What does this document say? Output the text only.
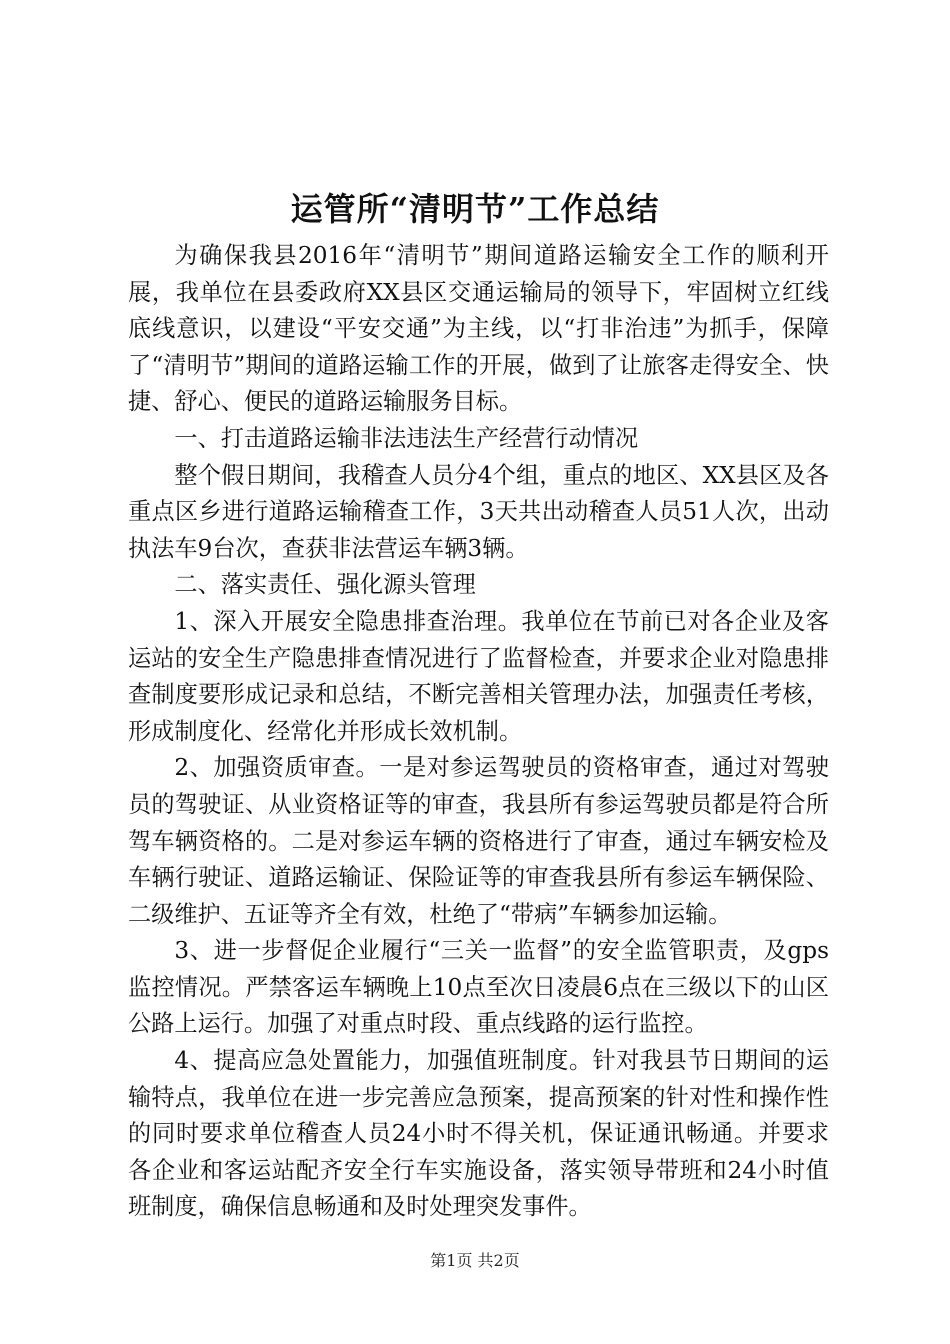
运管所“清明节”工作总结

为确保我县2016年“清明节”期间道路运输安全工作的顺利开展，我单位在县委政府XX县区交通运输局的领导下，牢固树立红线底线意识，以建设“平安交通”为主线，以“打非治违”为抓手，保障了“清明节”期间的道路运输工作的开展，做到了让旅客走得安全、快捷、舒心、便民的道路运输服务目标。

一、打击道路运输非法违法生产经营行动情况

整个假日期间，我稽查人员分4个组，重点的地区、XX县区及各重点区乡进行道路运输稽查工作，3天共出动稽查人员51人次，出动执法车9台次，查获非法营运车辆3辆。

二、落实责任、强化源头管理

1、深入开展安全隐患排查治理。我单位在节前已对各企业及客运站的安全生产隐患排查情况进行了监督检查，并要求企业对隐患排查制度要形成记录和总结，不断完善相关管理办法，加强责任考核，形成制度化、经常化并形成长效机制。

2、加强资质审查。一是对参运驾驶员的资格审查，通过对驾驶员的驾驶证、从业资格证等的审查，我县所有参运驾驶员都是符合所驾车辆资格的。二是对参运车辆的资格进行了审查，通过车辆安检及车辆行驶证、道路运输证、保险证等的审查我县所有参运车辆保险、二级维护、五证等齐全有效，杜绝了“带病”车辆参加运输。

3、进一步督促企业履行“三关一监督”的安全监管职责，及gps监控情况。严禁客运车辆晚上10点至次日凌晨6点在三级以下的山区公路上运行。加强了对重点时段、重点线路的运行监控。

4、提高应急处置能力，加强值班制度。针对我县节日期间的运输特点，我单位在进一步完善应急预案，提高预案的针对性和操作性的同时要求单位稽查人员24小时不得关机，保证通讯畅通。并要求各企业和客运站配齐安全行车实施设备，落实领导带班和24小时值班制度，确保信息畅通和及时处理突发事件。

第1页 共2页
